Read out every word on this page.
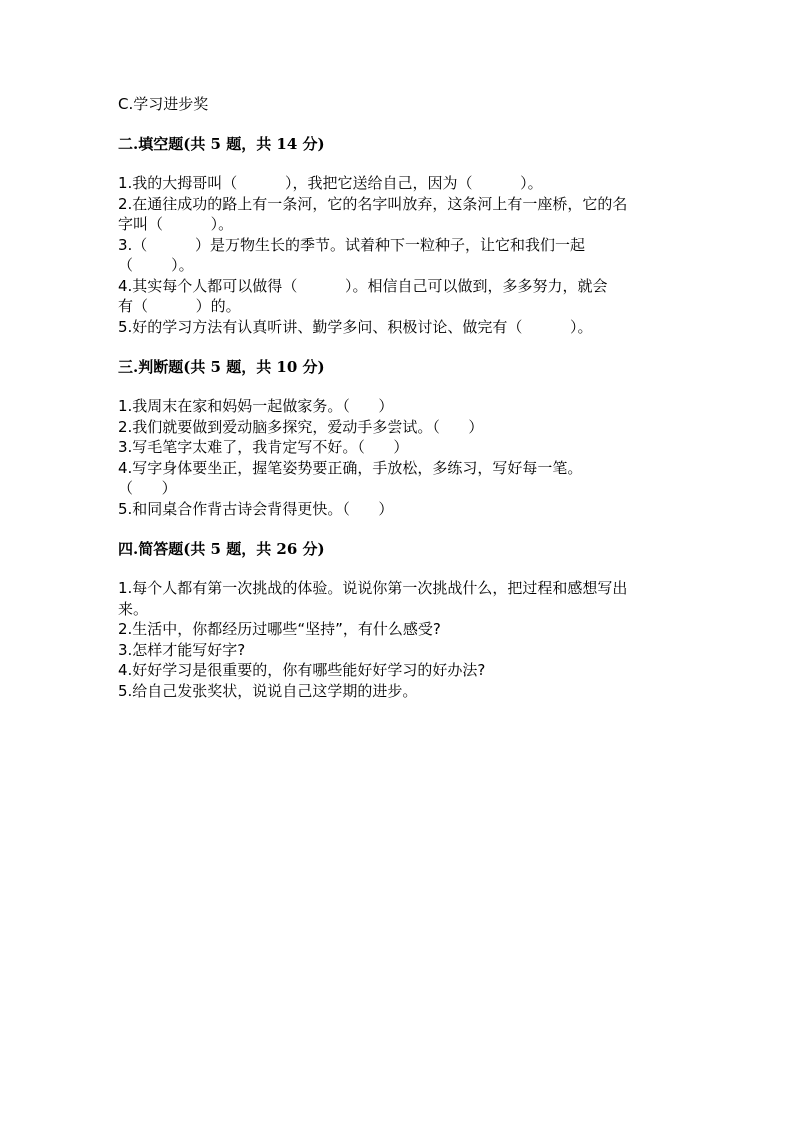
C.学习进步奖
二.填空题(共 5 题，共 14 分)
1.我的大拇哥叫（          ），我把它送给自己，因为（          ）。
2.在通往成功的路上有一条河，它的名字叫放弃，这条河上有一座桥，它的名
字叫（          ）。
3.（          ）是万物生长的季节。试着种下一粒种子，让它和我们一起
（        ）。
4.其实每个人都可以做得（          ）。相信自己可以做到，多多努力，就会
有（          ）的。
5.好的学习方法有认真听讲、勤学多问、积极讨论、做完有（          ）。
三.判断题(共 5 题，共 10 分)
1.我周末在家和妈妈一起做家务。（      ）
2.我们就要做到爱动脑多探究，爱动手多尝试。（      ）
3.写毛笔字太难了，我肯定写不好。（      ）
4.写字身体要坐正，握笔姿势要正确，手放松，多练习，写好每一笔。
（      ）
5.和同桌合作背古诗会背得更快。（      ）
四.简答题(共 5 题，共 26 分)
1.每个人都有第一次挑战的体验。说说你第一次挑战什么，把过程和感想写出
来。
2.生活中，你都经历过哪些“坚持”，有什么感受?
3.怎样才能写好字?
4.好好学习是很重要的，你有哪些能好好学习的好办法?
5.给自己发张奖状，说说自己这学期的进步。
